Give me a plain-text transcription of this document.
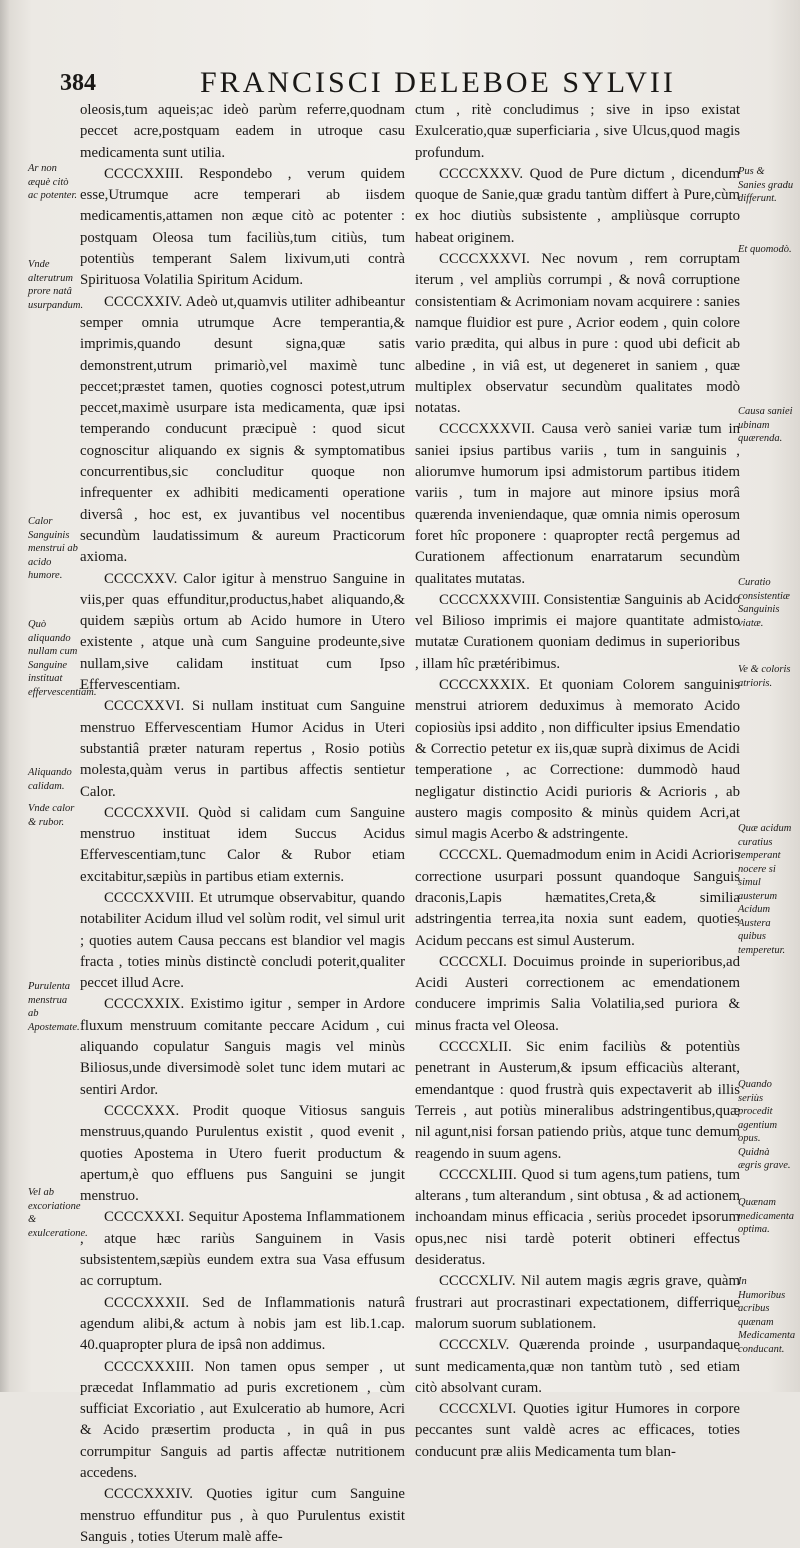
384	FRANCISCI DELEBOE SYLVII
Ar non æquè citò ac potenter.
Vnde alterutrum prore natâ usurpandum.
Calor Sanguinis menstrui ab acido humore.
Quò aliquando nullam cum Sanguine instituat effervescentiam.
Aliquando calidam.
Vnde calor & rubor.
Purulenta menstrua ab Apostemate.
Vel ab excoriatione & exulceratione.
Pus & Sanies gradu differunt.
Et quomodò.
Causa saniei ubinam quærenda.
Curatio consistentiæ Sanguinis viatæ.
Ve & coloris atrioris.
Quæ acidum curatius temperant nocere si simul austerum Acidum Austera quibus temperetur.
Quando seriùs procedit agentium opus. Quidnà ægris grave.
Quænam medicamenta optima.
In Humoribus acribus quænam Medicamenta conducant.

oleosis,tum aqueis;ac ideò parùm referre,quodnam peccet acre,postquam eadem in utroque casu medicamenta sunt utilia.

CCCCXXIII. Respondebo , verum quidem esse,Utrumque acre temperari ab iisdem medicamentis,attamen non æque citò ac potenter : postquam Oleosa tum faciliùs,tum citiùs, tum potentiùs temperant Salem lixivum,uti contrà Spirituosa Volatilia Spiritum Acidum.

CCCCXXIV. Adeò ut,quamvis utiliter adhibeantur semper omnia utrumque Acre temperantia,& imprimis,quando desunt signa,quæ satis demonstrent,utrum primariò,vel maximè tunc peccet;præstet tamen, quoties cognosci potest,utrum peccet,maximè usurpare ista medicamenta, quæ ipsi temperando conducunt præcipuè : quod sicut cognoscitur aliquando ex signis & symptomatibus concurrentibus,sic concluditur quoque non infrequenter ex adhibiti medicamenti operatione diversâ , hoc est, ex juvantibus vel nocentibus secundùm laudatissimum & aureum Practicorum axioma.

CCCCXXV. Calor igitur à menstruo Sanguine in viis,per quas effunditur,productus,habet aliquando,& quidem sæpiùs ortum ab Acido humore in Utero existente , atque unà cum Sanguine prodeunte,sive nullam,sive calidam instituat cum Ipso Effervescentiam.

CCCCXXVI. Si nullam instituat cum Sanguine menstruo Effervescentiam Humor Acidus in Uteri substantiâ præter naturam repertus , Rosio potiùs molesta,quàm verus in partibus affectis sentietur Calor.

CCCCXXVII. Quòd si calidam cum Sanguine menstruo instituat idem Succus Acidus Effervescentiam,tunc Calor & Rubor etiam excitabitur,sæpiùs in partibus etiam externis.

CCCCXXVIII. Et utrumque observabitur, quando notabiliter Acidum illud vel solùm rodit, vel simul urit ; quoties autem Causa peccans est blandior vel magis fracta , toties minùs distinctè concludi poterit,qualiter peccet illud Acre.

CCCCXXIX. Existimo igitur , semper in Ardore fluxum menstruum comitante peccare Acidum , cui aliquando copulatur Sanguis magis vel minùs Biliosus,unde diversimodè solet tunc idem mutari ac sentiri Ardor.

CCCCXXX. Prodit quoque Vitiosus sanguis menstruus,quando Purulentus existit , quod evenit , quoties Apostema in Utero fuerit productum & apertum,è quo effluens pus Sanguini se jungit menstruo.

CCCCXXXI. Sequitur Apostema Inflammationem , atque hæc rariùs Sanguinem in Vasis subsistentem,sæpiùs eundem extra sua Vasa effusum ac corruptum.

CCCCXXXII. Sed de Inflammationis naturâ agendum alibi,& actum à nobis jam est lib.1.cap. 40.quapropter plura de ipsâ non addimus.

CCCCXXXIII. Non tamen opus semper , ut præcedat Inflammatio ad puris excretionem , cùm sufficiat Excoriatio , aut Exulceratio ab humore, Acri & Acido præsertim producta , in quâ in pus corrumpitur Sanguis ad partis affectæ nutritionem accedens.

CCCCXXXIV. Quoties igitur cum Sanguine menstruo effunditur pus , à quo Purulentus existit Sanguis , toties Uterum malè affe-

ctum , ritè concludimus ; sive in ipso existat Exulceratio,quæ superficiaria , sive Ulcus,quod magis profundum.

CCCCXXXV. Quod de Pure dictum , dicendum quoque de Sanie,quæ gradu tantùm differt à Pure,cùm ex hoc diutiùs subsistente , ampliùsque corrupto habeat originem.

CCCCXXXVI. Nec novum , rem corruptam iterum , vel ampliùs corrumpi , & novâ corruptione consistentiam & Acrimoniam novam acquirere : sanies namque fluidior est pure , Acrior eodem , quin colore vario prædita, qui albus in pure : quod ubi deficit ab albedine , in viâ est, ut degeneret in saniem , quæ multiplex observatur secundùm qualitates modò notatas.

CCCCXXXVII. Causa verò saniei variæ tum in saniei ipsius partibus variis , tum in sanguinis , aliorumve humorum ipsi admistorum partibus itidem variis , tum in majore aut minore ipsius morâ quærenda inveniendaque, quæ omnia nimis operosum foret hîc proponere : quapropter rectâ pergemus ad Curationem affectionum enarratarum secundùm qualitates mutatas.

CCCCXXXVIII. Consistentiæ Sanguinis ab Acido vel Bilioso imprimis ei majore quantitate admisto mutatæ Curationem quoniam dedimus in superioribus , illam hîc prætéribimus.

CCCCXXXIX. Et quoniam Colorem sanguinis menstrui atriorem deduximus à memorato Acido copiosiùs ipsi addito , non difficulter ipsius Emendatio & Correctio petetur ex iis,quæ suprà diximus de Acidi temperatione , ac Correctione: dummodò haud negligatur distinctio Acidi purioris & Acrioris , ab austero magis composito & minùs quidem Acri,at simul magis Acerbo & adstringente.

CCCCXL. Quemadmodum enim in Acidi Acrioris correctione usurpari possunt quandoque Sanguis draconis,Lapis hæmatites,Creta,& similia adstringentia terrea,ita noxia sunt eadem, quoties Acidum peccans est simul Austerum.

CCCCXLI. Docuimus proinde in superioribus,ad Acidi Austeri correctionem ac emendationem conducere imprimis Salia Volatilia,sed puriora & minus fracta vel Oleosa.

CCCCXLII. Sic enim faciliùs & potentiùs penetrant in Austerum,& ipsum efficaciùs alterant, emendantque : quod frustrà quis expectaverit ab illis Terreis , aut potiùs mineralibus adstringentibus,quæ nil agunt,nisi forsan patiendo priùs, atque tunc demum reagendo in suum agens.

CCCCXLIII. Quod si tum agens,tum patiens, tum alterans , tum alterandum , sint obtusa , & ad actionem inchoandam minus efficacia , seriùs procedet ipsorum opus,nec nisi tardè poterit obtineri effectus desideratus.

CCCCXLIV. Nil autem magis ægris grave, quàm frustrari aut procrastinari expectationem, differrique malorum suorum sublationem.

CCCCXLV. Quærenda proinde , usurpandaque sunt medicamenta,quæ non tantùm tutò , sed etiam citò absolvant curam.

CCCCXLVI. Quoties igitur Humores in corpore peccantes sunt valdè acres ac efficaces, toties conducunt præ aliis Medicamenta tum blan-
